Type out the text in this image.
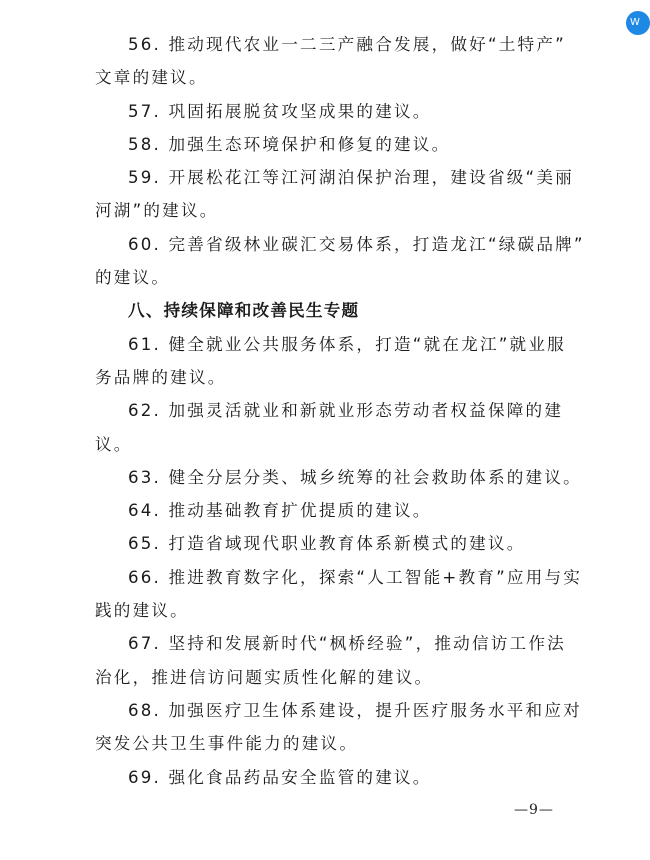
56. 推动现代农业一二三产融合发展，做好“土特产”
文章的建议。
57. 巩固拓展脱贫攻坚成果的建议。
58. 加强生态环境保护和修复的建议。
59. 开展松花江等江河湖泊保护治理，建设省级“美丽
河湖”的建议。
60. 完善省级林业碳汇交易体系，打造龙江“绿碳品牌”
的建议。
八、持续保障和改善民生专题
61. 健全就业公共服务体系，打造“就在龙江”就业服
务品牌的建议。
62. 加强灵活就业和新就业形态劳动者权益保障的建
议。
63. 健全分层分类、城乡统筹的社会救助体系的建议。
64. 推动基础教育扩优提质的建议。
65. 打造省域现代职业教育体系新模式的建议。
66. 推进教育数字化，探索“人工智能+教育”应用与实
践的建议。
67. 坚持和发展新时代“枫桥经验”，推动信访工作法
治化，推进信访问题实质性化解的建议。
68. 加强医疗卫生体系建设，提升医疗服务水平和应对
突发公共卫生事件能力的建议。
69. 强化食品药品安全监管的建议。
—9—
W
